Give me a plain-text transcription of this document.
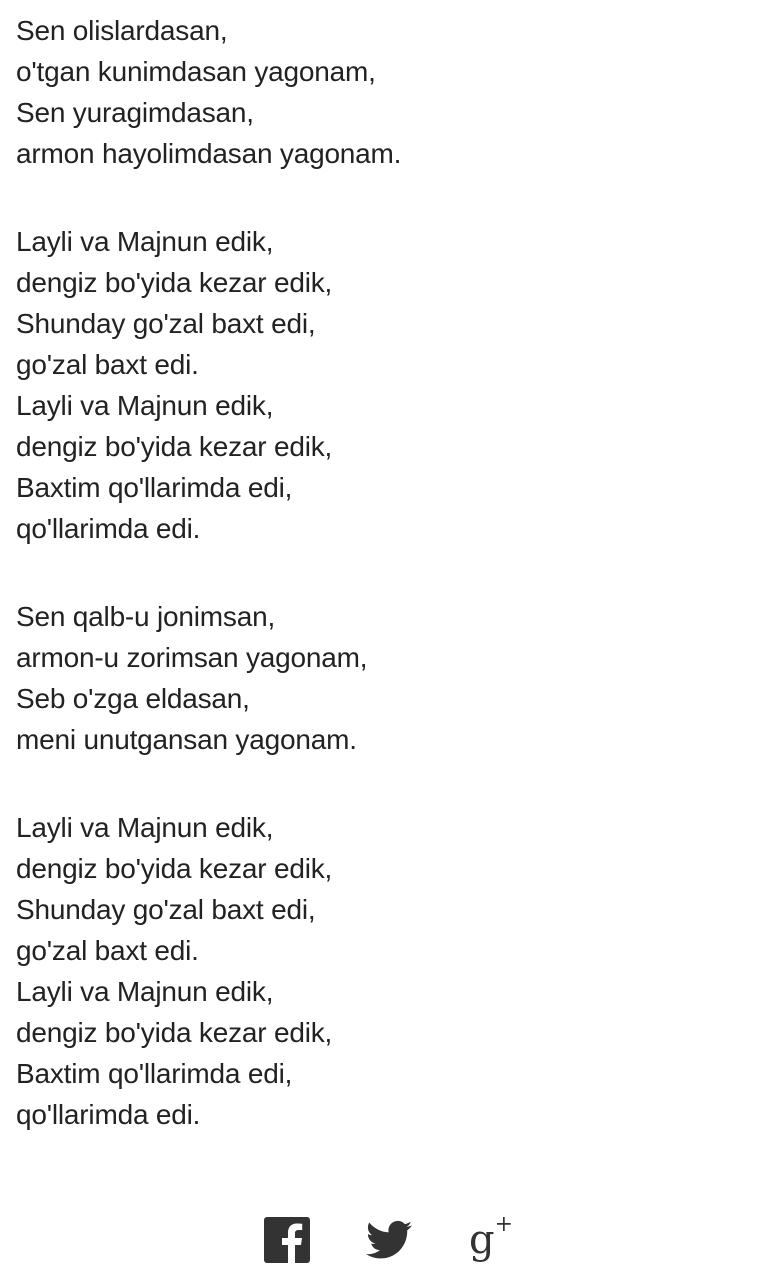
Sen olislardasan,
o'tgan kunimdasan yagonam,
Sen yuragimdasan,
armon hayolimdasan yagonam.
Layli va Majnun edik,
dengiz bo'yida kezar edik,
Shunday go'zal baxt edi,
go'zal baxt edi.
Layli va Majnun edik,
dengiz bo'yida kezar edik,
Baxtim qo'llarimda edi,
qo'llarimda edi.
Sen qalb-u jonimsan,
armon-u zorimsan yagonam,
Seb o'zga eldasan,
meni unutgansan yagonam.
Layli va Majnun edik,
dengiz bo'yida kezar edik,
Shunday go'zal baxt edi,
go'zal baxt edi.
Layli va Majnun edik,
dengiz bo'yida kezar edik,
Baxtim qo'llarimda edi,
qo'llarimda edi.
g+
